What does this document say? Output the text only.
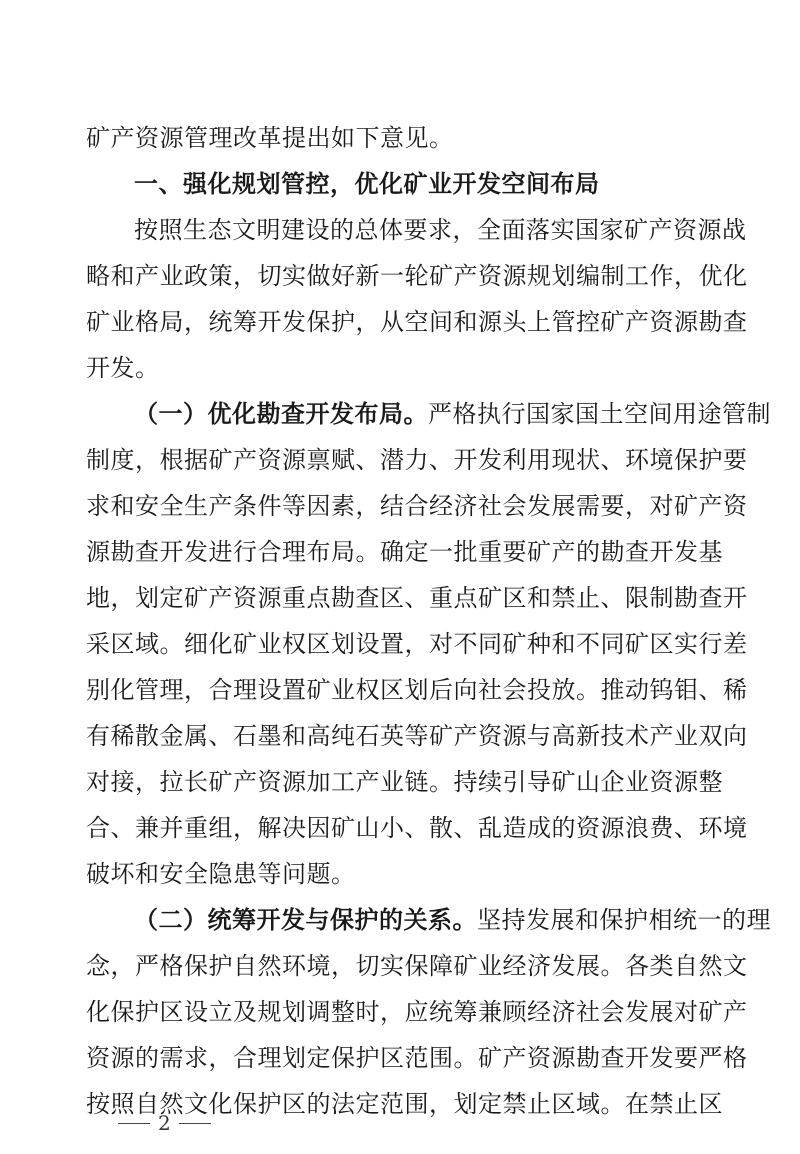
矿产资源管理改革提出如下意见。
一、强化规划管控，优化矿业开发空间布局
按照生态文明建设的总体要求，全面落实国家矿产资源战
略和产业政策，切实做好新一轮矿产资源规划编制工作，优化
矿业格局，统筹开发保护，从空间和源头上管控矿产资源勘查
开发。
（一）优化勘查开发布局。严格执行国家国土空间用途管制
制度，根据矿产资源禀赋、潜力、开发利用现状、环境保护要
求和安全生产条件等因素，结合经济社会发展需要，对矿产资
源勘查开发进行合理布局。确定一批重要矿产的勘查开发基
地，划定矿产资源重点勘查区、重点矿区和禁止、限制勘查开
采区域。细化矿业权区划设置，对不同矿种和不同矿区实行差
别化管理，合理设置矿业权区划后向社会投放。推动钨钼、稀
有稀散金属、石墨和高纯石英等矿产资源与高新技术产业双向
对接，拉长矿产资源加工产业链。持续引导矿山企业资源整
合、兼并重组，解决因矿山小、散、乱造成的资源浪费、环境
破坏和安全隐患等问题。
（二）统筹开发与保护的关系。坚持发展和保护相统一的理
念，严格保护自然环境，切实保障矿业经济发展。各类自然文
化保护区设立及规划调整时，应统筹兼顾经济社会发展对矿产
资源的需求，合理划定保护区范围。矿产资源勘查开发要严格
按照自然文化保护区的法定范围，划定禁止区域。在禁止区
2
